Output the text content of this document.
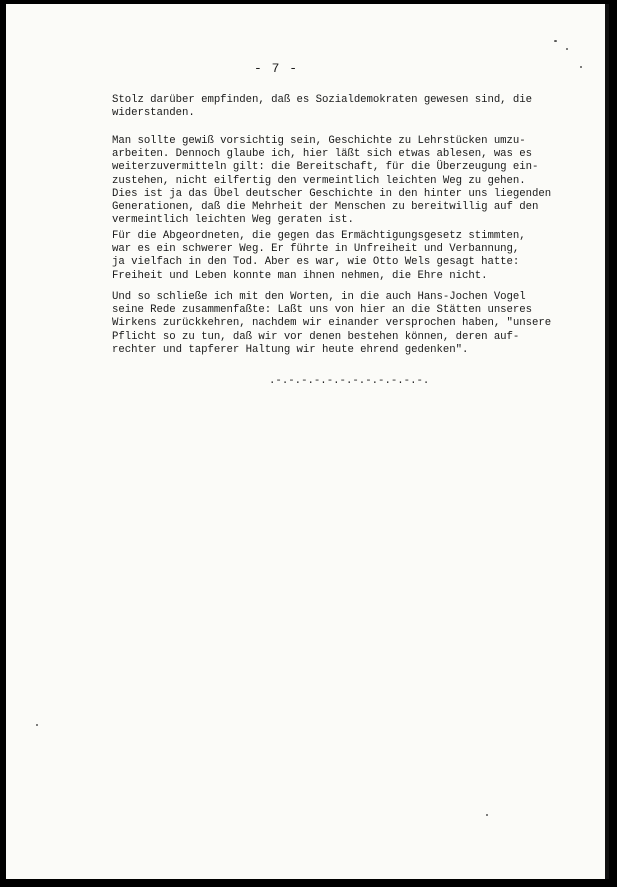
- 7 -

Stolz darüber empfinden, daß es Sozialdemokraten gewesen sind, die
widerstanden.

Man sollte gewiß vorsichtig sein, Geschichte zu Lehrstücken umzu-
arbeiten. Dennoch glaube ich, hier läßt sich etwas ablesen, was es
weiterzuvermitteln gilt: die Bereitschaft, für die Überzeugung ein-
zustehen, nicht eilfertig den vermeintlich leichten Weg zu gehen.
Dies ist ja das Übel deutscher Geschichte in den hinter uns liegenden
Generationen, daß die Mehrheit der Menschen zu bereitwillig auf den
vermeintlich leichten Weg geraten ist.

Für die Abgeordneten, die gegen das Ermächtigungsgesetz stimmten,
war es ein schwerer Weg. Er führte in Unfreiheit und Verbannung,
ja vielfach in den Tod. Aber es war, wie Otto Wels gesagt hatte:
Freiheit und Leben konnte man ihnen nehmen, die Ehre nicht.

Und so schließe ich mit den Worten, in die auch Hans-Jochen Vogel
seine Rede zusammenfaßte: Laßt uns von hier an die Stätten unseres
Wirkens zurückkehren, nachdem wir einander versprochen haben, "unsere
Pflicht so zu tun, daß wir vor denen bestehen können, deren auf-
rechter und tapferer Haltung wir heute ehrend gedenken".

.-.-.-.-.-.-.-.-.-.-.-.-.
